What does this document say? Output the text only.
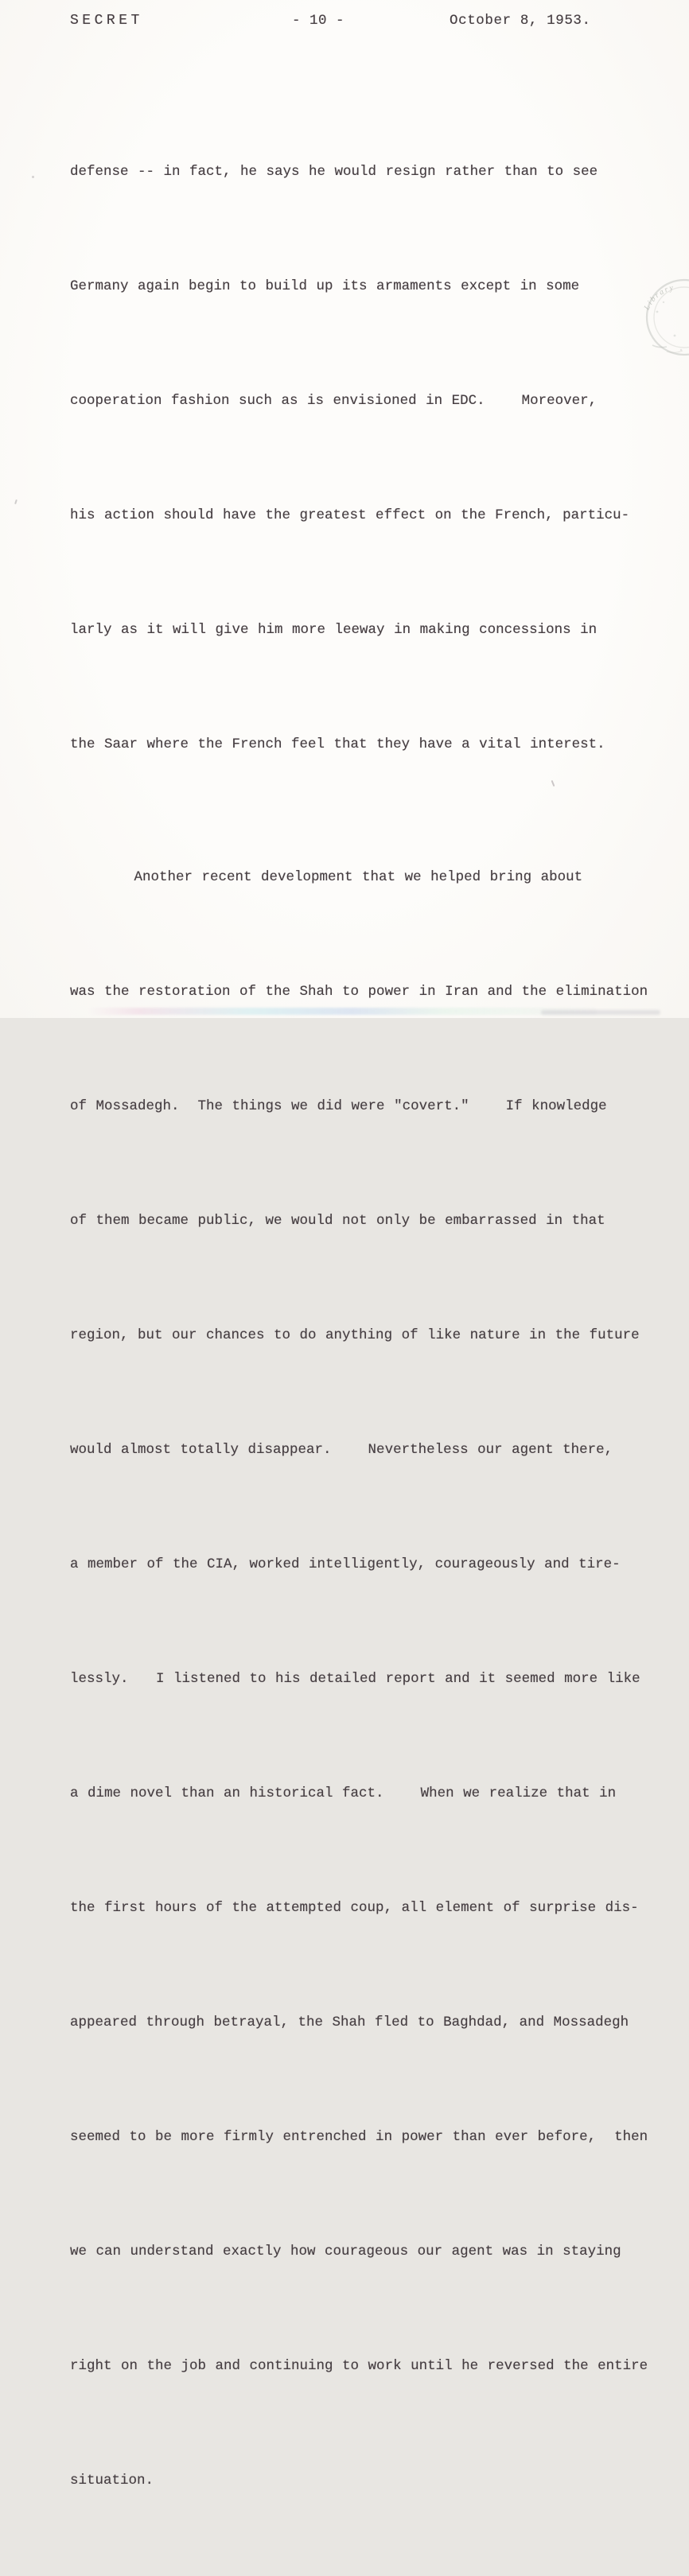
SECRET	- 10 -	October 8, 1953.

defense -- in fact, he says he would resign rather than to see

Germany again begin to build up its armaments except in some

cooperation fashion such as is envisioned in EDC.    Moreover,

his action should have the greatest effect on the French, particu-

larly as it will give him more leeway in making concessions in

the Saar where the French feel that they have a vital interest.

Another recent development that we helped bring about

was the restoration of the Shah to power in Iran and the elimination

of Mossadegh.  The things we did were "covert."    If knowledge

of them became public, we would not only be embarrassed in that

region, but our chances to do anything of like nature in the future

would almost totally disappear.    Nevertheless our agent there,

a member of the CIA, worked intelligently, courageously and tire-

lessly.   I listened to his detailed report and it seemed more like

a dime novel than an historical fact.    When we realize that in

the first hours of the attempted coup, all element of surprise dis-

appeared through betrayal, the Shah fled to Baghdad, and Mossadegh

seemed to be more firmly entrenched in power than ever before,  then

we can understand exactly how courageous our agent was in staying

right on the job and continuing to work until he reversed the entire

situation.

Library
